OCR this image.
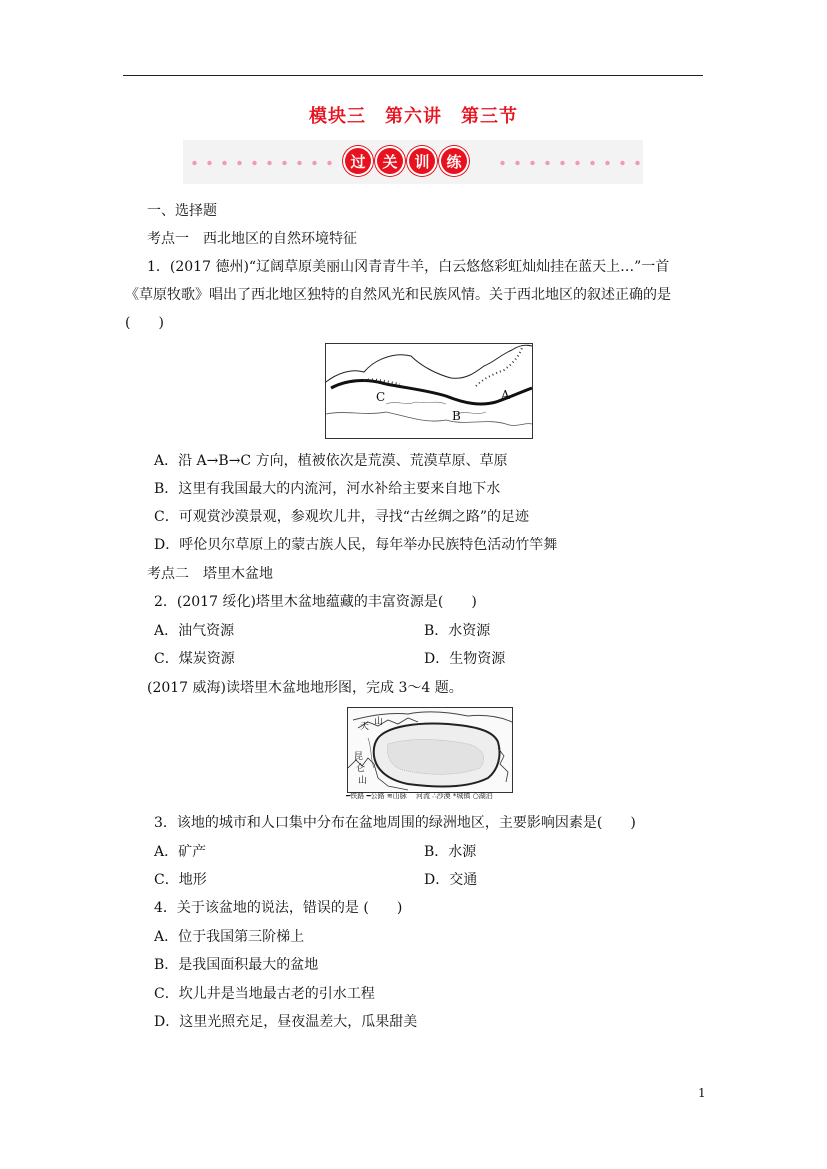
模块三　第六讲　第三节
过	关	训	练
一、选择题
考点一　西北地区的自然环境特征
1．(2017 德州)“辽阔草原美丽山冈青青牛羊，白云悠悠彩虹灿灿挂在蓝天上…”一首
《草原牧歌》唱出了西北地区独特的自然风光和民族风情。关于西北地区的叙述正确的是
(　　)
C
B
A
A．沿 A→B→C 方向，植被依次是荒漠、荒漠草原、草原
B．这里有我国最大的内流河，河水补给主要来自地下水
C．可观赏沙漠景观，参观坎儿井，寻找“古丝绸之路”的足迹
D．呼伦贝尔草原上的蒙古族人民，每年举办民族特色活动竹竿舞
考点二　塔里木盆地
2．(2017 绥化)塔里木盆地蕴藏的丰富资源是(　　)
A．油气资源	B．水资源
C．煤炭资源	D．生物资源
(2017 威海)读塔里木盆地地形图，完成 3～4 题。
天 山
昆
仑
山
━铁路 ━公路 ≋山脉 ⌒河流 ∴沙漠 *城镇 ○湖泊
3．该地的城市和人口集中分布在盆地周围的绿洲地区，主要影响因素是(　　)
A．矿产	B．水源
C．地形	D．交通
4．关于该盆地的说法，错误的是 (　　)
A．位于我国第三阶梯上
B．是我国面积最大的盆地
C．坎儿井是当地最古老的引水工程
D．这里光照充足，昼夜温差大，瓜果甜美
1
